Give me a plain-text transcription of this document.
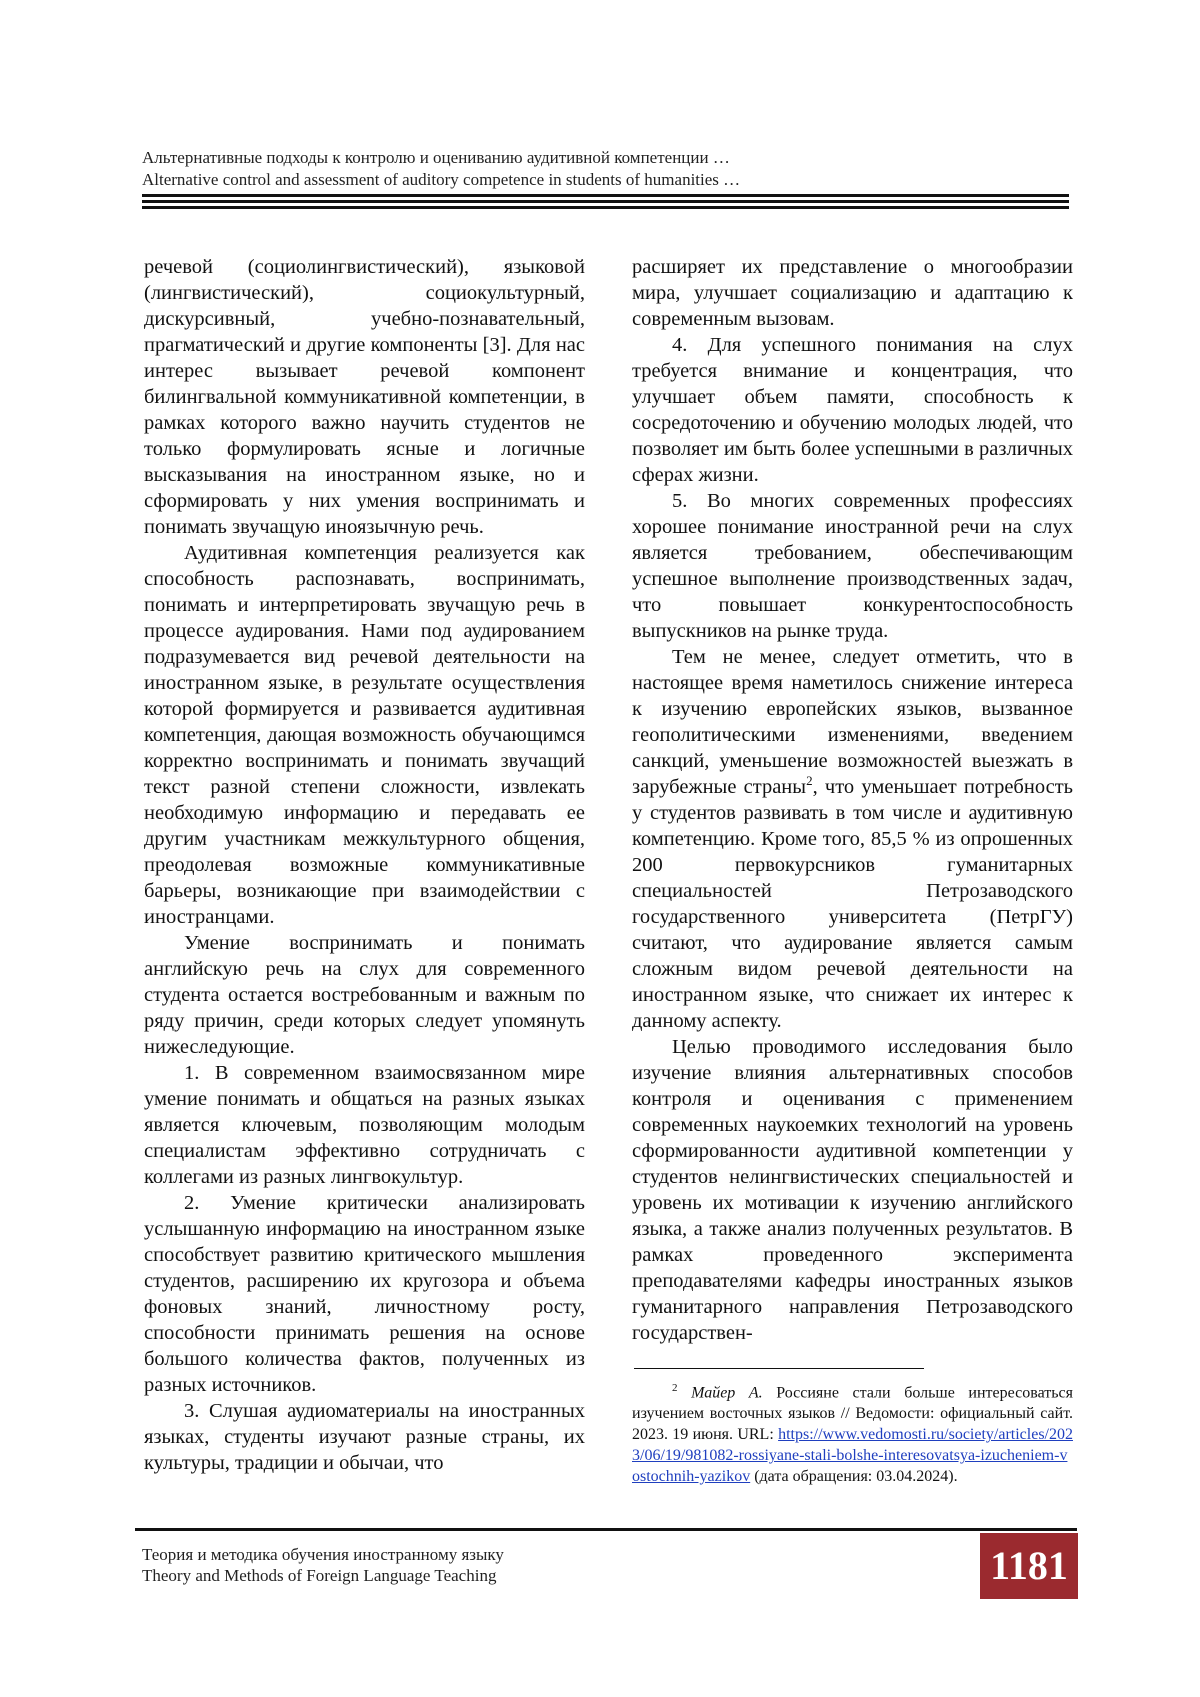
Альтернативные подходы к контролю и оцениванию аудитивной компетенции …
Alternative control and assessment of auditory competence in students of humanities …

речевой (социолингвистический), языковой (лингвистический), социокультурный, дискурсивный, учебно-познавательный, прагматический и другие компоненты [3]. Для нас интерес вызывает речевой компонент билингвальной коммуникативной компетенции, в рамках которого важно научить студентов не только формулировать ясные и логичные высказывания на иностранном языке, но и сформировать у них умения воспринимать и понимать звучащую иноязычную речь.

Аудитивная компетенция реализуется как способность распознавать, воспринимать, понимать и интерпретировать звучащую речь в процессе аудирования. Нами под аудированием подразумевается вид речевой деятельности на иностранном языке, в результате осуществления которой формируется и развивается аудитивная компетенция, дающая возможность обучающимся корректно воспринимать и понимать звучащий текст разной степени сложности, извлекать необходимую информацию и передавать ее другим участникам межкультурного общения, преодолевая возможные коммуникативные барьеры, возникающие при взаимодействии с иностранцами.

Умение воспринимать и понимать английскую речь на слух для современного студента остается востребованным и важным по ряду причин, среди которых следует упомянуть нижеследующие.

1. В современном взаимосвязанном мире умение понимать и общаться на разных языках является ключевым, позволяющим молодым специалистам эффективно сотрудничать с коллегами из разных лингвокультур.

2. Умение критически анализировать услышанную информацию на иностранном языке способствует развитию критического мышления студентов, расширению их кругозора и объема фоновых знаний, личностному росту, способности принимать решения на основе большого количества фактов, полученных из разных источников.

3. Слушая аудиоматериалы на иностранных языках, студенты изучают разные страны, их культуры, традиции и обычаи, что

расширяет их представление о многообразии мира, улучшает социализацию и адаптацию к современным вызовам.

4. Для успешного понимания на слух требуется внимание и концентрация, что улучшает объем памяти, способность к сосредоточению и обучению молодых людей, что позволяет им быть более успешными в различных сферах жизни.

5. Во многих современных профессиях хорошее понимание иностранной речи на слух является требованием, обеспечивающим успешное выполнение производственных задач, что повышает конкурентоспособность выпускников на рынке труда.

Тем не менее, следует отметить, что в настоящее время наметилось снижение интереса к изучению европейских языков, вызванное геополитическими изменениями, введением санкций, уменьшение возможностей выезжать в зарубежные страны$^2$, что уменьшает потребность у студентов развивать в том числе и аудитивную компетенцию. Кроме того, 85,5 % из опрошенных 200 первокурсников гуманитарных специальностей Петрозаводского государственного университета (ПетрГУ) считают, что аудирование является самым сложным видом речевой деятельности на иностранном языке, что снижает их интерес к данному аспекту.

Целью проводимого исследования было изучение влияния альтернативных способов контроля и оценивания с применением современных наукоемких технологий на уровень сформированности аудитивной компетенции у студентов нелингвистических специальностей и уровень их мотивации к изучению английского языка, а также анализ полученных результатов. В рамках проведенного эксперимента преподавателями кафедры иностранных языков гуманитарного направления Петрозаводского государствен-

$^2$ Майер А. Россияне стали больше интересоваться изучением восточных языков // Ведомости: официальный сайт. 2023. 19 июня. URL: https://www.vedomosti.ru/society/articles/2023/06/19/981082-rossiyane-stali-bolshe-interesovatsya-izucheniem-vostochnih-yazikov (дата обращения: 03.04.2024).

Теория и методика обучения иностранному языку
Theory and Methods of Foreign Language Teaching	1181
